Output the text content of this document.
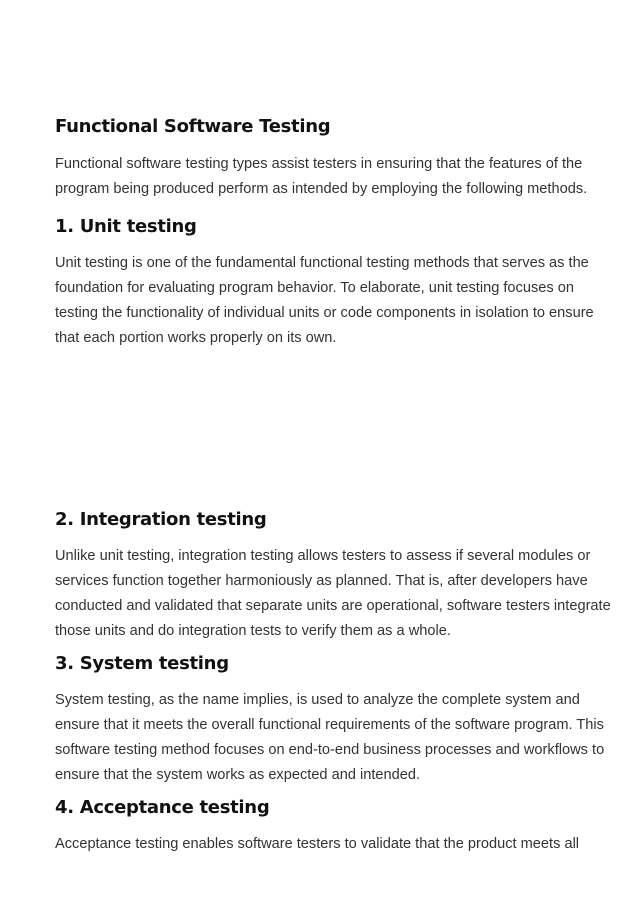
Functional Software Testing
Functional software testing types assist testers in ensuring that the features of the
program being produced perform as intended by employing the following methods.
1. Unit testing
Unit testing is one of the fundamental functional testing methods that serves as the
foundation for evaluating program behavior. To elaborate, unit testing focuses on
testing the functionality of individual units or code components in isolation to ensure
that each portion works properly on its own.
2. Integration testing
Unlike unit testing, integration testing allows testers to assess if several modules or
services function together harmoniously as planned. That is, after developers have
conducted and validated that separate units are operational, software testers integrate
those units and do integration tests to verify them as a whole.
3. System testing
System testing, as the name implies, is used to analyze the complete system and
ensure that it meets the overall functional requirements of the software program. This
software testing method focuses on end-to-end business processes and workflows to
ensure that the system works as expected and intended.
4. Acceptance testing
Acceptance testing enables software testers to validate that the product meets all
